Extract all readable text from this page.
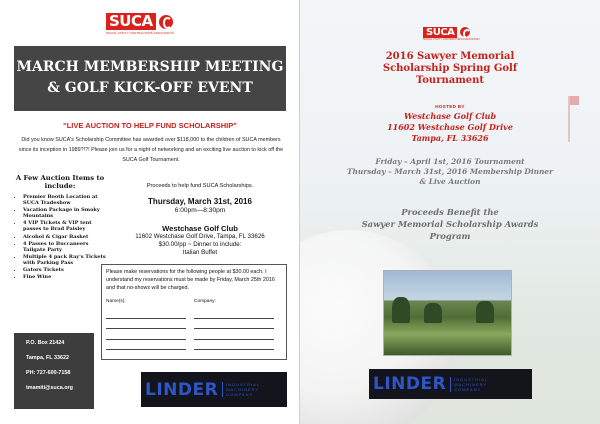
SUCA
SOCIAL UTILITY CONTRACTORS ASSOCIATION
MARCH MEMBERSHIP MEETING
& GOLF KICK-OFF EVENT
"LIVE AUCTION TO HELP FUND SCHOLARSHIP"
Did you know SUCA's Scholarship Committee has awarded over $118,000 to the children of SUCA members since its inception in 1989?!?! Please join us for a night of networking and an exciting live auction to kick off the SUCA Golf Tournament.
A Few Auction Items to include:
• Premier Booth Location at SUCA Tradeshow
• Vacation Package in Smoky Mountains
• 4 VIP Tickets & VIP tent passes to Brad Paisley
• Alcohol & Cigar Basket
• 4 Passes to Buccaneers Tailgate Party
• Multiple 4 pack Ray's Tickets with Parking Pass
• Gators Tickets
• Fine Wine
Proceeds to help fund SUCA Scholarships.
Thursday, March 31st, 2016
6:00pm—8:30pm
Westchase Golf Club
11602 Westchase Golf Drive, Tampa, FL 33626
$30.00/pp ~ Dinner to include:
Italian Buffet
Please make reservations for the following people at $30.00 each. I understand my reservations must be made by Friday, March 25th 2016 and that no-shows will be charged.
Name(s):	Company:
P.O. Box 21424
Tampa, FL 33622
PH: 727-600-7158
tmamiti@suca.org	LINDER	INDUSTRIAL
MACHINERY
COMPANY
SUCA
SOCIAL UTILITY CONTRACTORS ASSOCIATION
2016 Sawyer Memorial
Scholarship Spring Golf
Tournament
HOSTED BY
Westchase Golf Club
11602 Westchase Golf Drive
Tampa, FL 33626
Friday – April 1st, 2016 Tournament
Thursday – March 31st, 2016 Membership Dinner
& Live Auction
Proceeds Benefit the
Sawyer Memorial Scholarship Awards
Program
LINDER	INDUSTRIAL
MACHINERY
COMPANY
